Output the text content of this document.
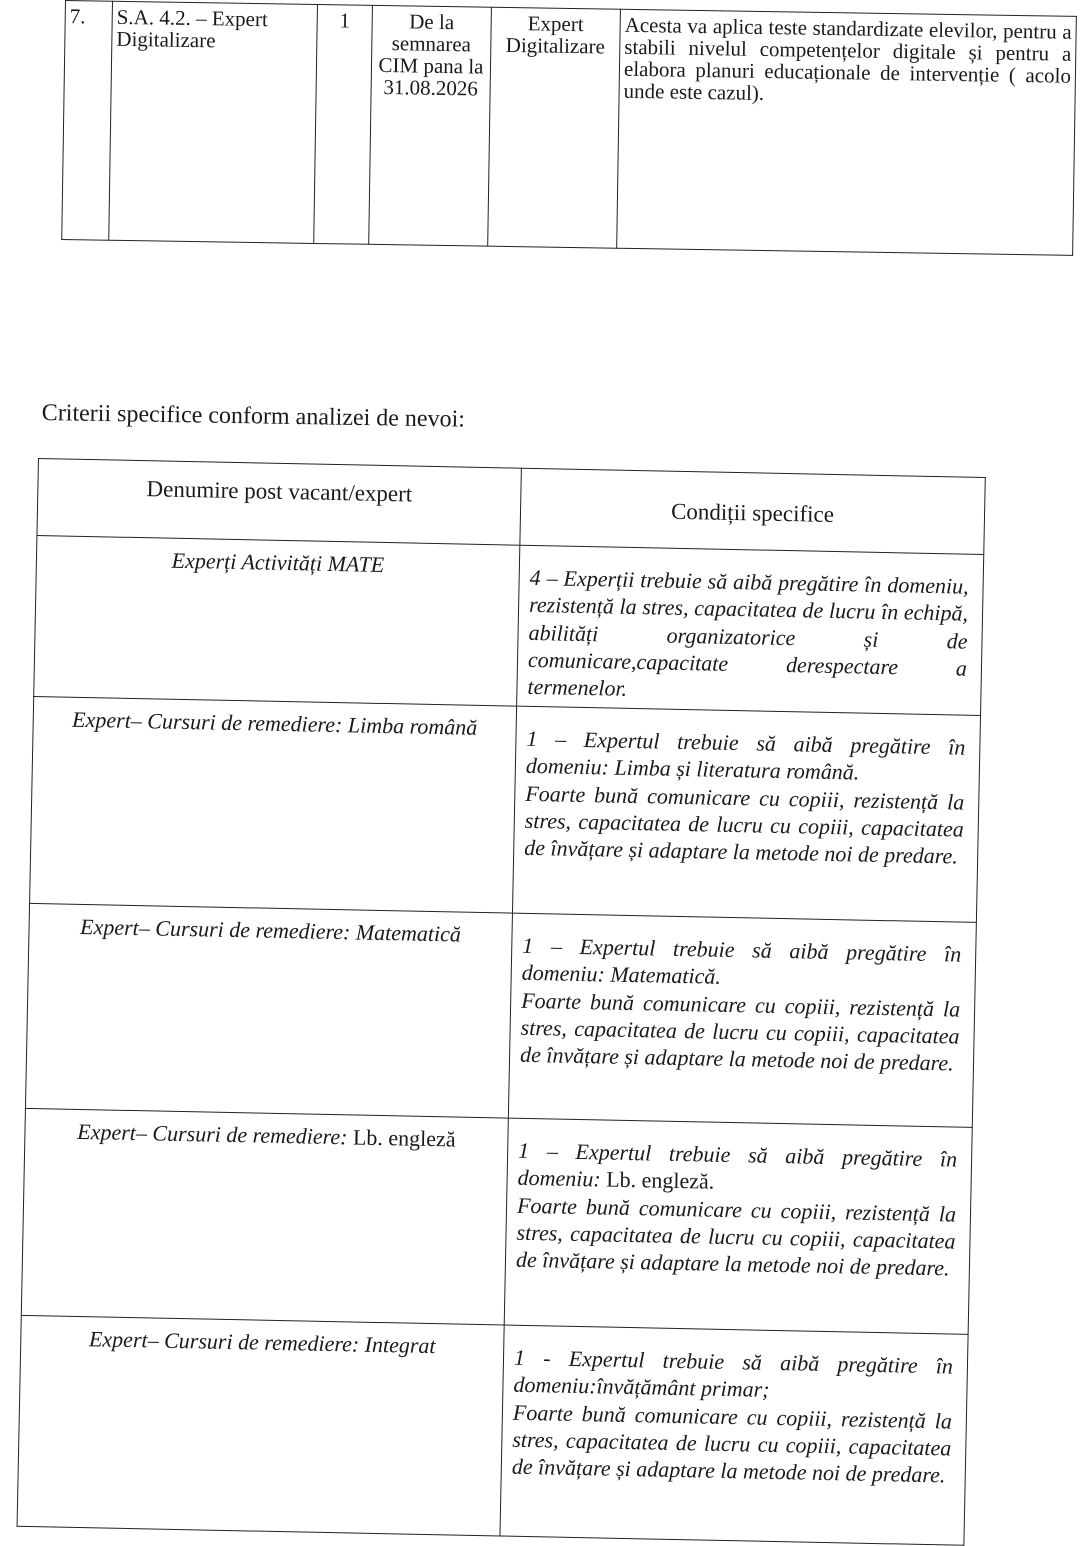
7.	S.A. 4.2. – Expert Digitalizare	1	De la semnarea CIM pana la 31.08.2026	Expert Digitalizare	Acesta va aplica teste standardizate elevilor, pentru a stabili nivelul competențelor digitale și pentru a elabora planuri educaționale de intervenție ( acolo unde este cazul).
Criterii specifice conform analizei de nevoi:
Denumire post vacant/expert	Condiții specifice
Experți Activități MATE	4 – Experții trebuie să aibă pregătire în domeniu, rezistență la stres, capacitatea de lucru în echipă, abilități organizatorice și de comunicare,capacitate derespectare a termenelor.
Expert– Cursuri de remediere: Limba română	1 – Expertul trebuie să aibă pregătire în domeniu: Limba și literatura română.
Foarte bună comunicare cu copiii, rezistență la stres, capacitatea de lucru cu copiii, capacitatea de învățare și adaptare la metode noi de predare.

Expert– Cursuri de remediere: Matematică	1 – Expertul trebuie să aibă pregătire în domeniu: Matematică.
Foarte bună comunicare cu copiii, rezistență la stres, capacitatea de lucru cu copiii, capacitatea de învățare și adaptare la metode noi de predare.

Expert– Cursuri de remediere: Lb. engleză	1 – Expertul trebuie să aibă pregătire în domeniu: Lb. engleză.
Foarte bună comunicare cu copiii, rezistență la stres, capacitatea de lucru cu copiii, capacitatea de învățare și adaptare la metode noi de predare.

Expert– Cursuri de remediere: Integrat	1 - Expertul trebuie să aibă pregătire în domeniu:învățământ primar;
Foarte bună comunicare cu copiii, rezistență la stres, capacitatea de lucru cu copiii, capacitatea de învățare și adaptare la metode noi de predare.
